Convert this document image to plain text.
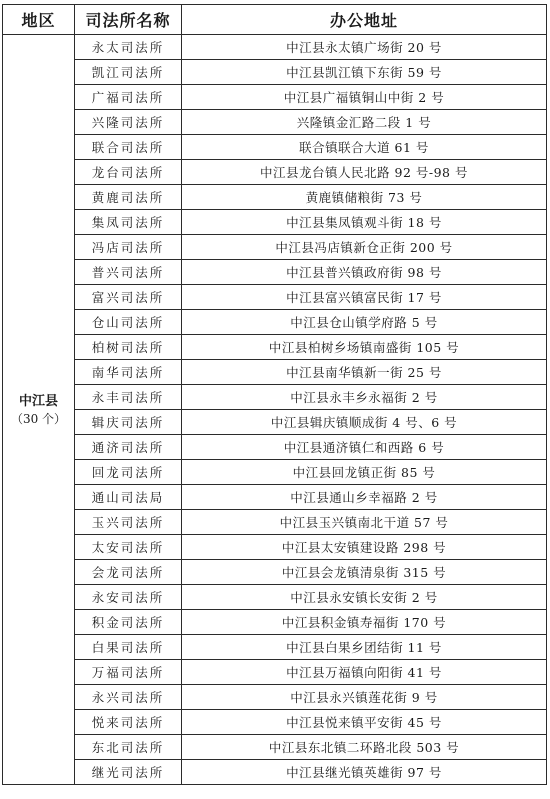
地区	司法所名称	办公地址

中江县
（30 个）	永太司法所	中江县永太镇广场街 20 号
	凯江司法所	中江县凯江镇下东街 59 号
	广福司法所	中江县广福镇铜山中街 2 号
	兴隆司法所	兴隆镇金汇路二段 1 号
	联合司法所	联合镇联合大道 61 号
	龙台司法所	中江县龙台镇人民北路 92 号-98 号
	黄鹿司法所	黄鹿镇储粮街 73 号
	集凤司法所	中江县集凤镇观斗街 18 号
	冯店司法所	中江县冯店镇新仓正街 200 号
	普兴司法所	中江县普兴镇政府街 98 号
	富兴司法所	中江县富兴镇富民街 17 号
	仓山司法所	中江县仓山镇学府路 5 号
	柏树司法所	中江县柏树乡场镇南盛街 105 号
	南华司法所	中江县南华镇新一街 25 号
	永丰司法所	中江县永丰乡永福街 2 号
	辑庆司法所	中江县辑庆镇顺成街 4 号、6 号
	通济司法所	中江县通济镇仁和西路 6 号
	回龙司法所	中江县回龙镇正街 85 号
	通山司法局	中江县通山乡幸福路 2 号
	玉兴司法所	中江县玉兴镇南北干道 57 号
	太安司法所	中江县太安镇建设路 298 号
	会龙司法所	中江县会龙镇清泉街 315 号
	永安司法所	中江县永安镇长安街 2 号
	积金司法所	中江县积金镇寿福街 170 号
	白果司法所	中江县白果乡团结街 11 号
	万福司法所	中江县万福镇向阳街 41 号
	永兴司法所	中江县永兴镇莲花街 9 号
	悦来司法所	中江县悦来镇平安街 45 号
	东北司法所	中江县东北镇二环路北段 503 号
	继光司法所	中江县继光镇英雄街 97 号
